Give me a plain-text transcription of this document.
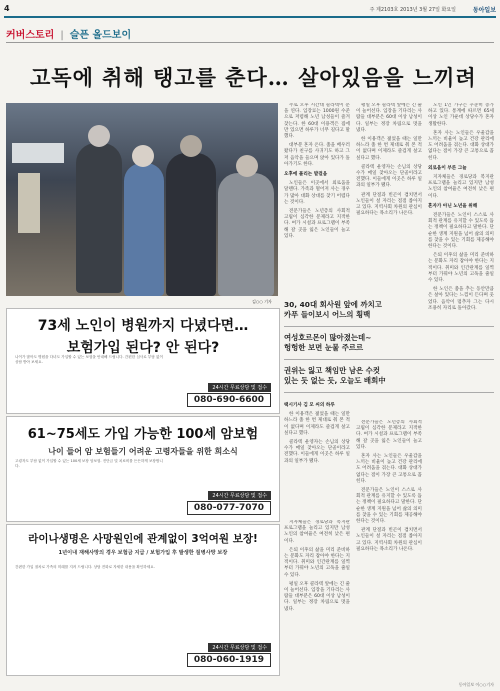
4	주 제2103호 2013년 3월 27일 화요일	동아일보
커버스토리 | 슬픈 올드보이
고독에 취해 탱고를 춘다… 살아있음을 느끼려
김○○ 기자

주로 오후 시간대 콜라텍이 문을 연다. 입장료는 1000원 수준으로 저렴해 노년 남성들이 즐겨 찾는다. 한 60대 이용객은 집에만 있으면 하루가 너무 길다고 말했다.

대부분 혼자 온다. 춤을 배우러 왔다가 친구를 사귀기도 하고 그저 음악을 들으며 앉아 있다가 돌아가기도 한다.

오후에 몰리는 발걸음

노인들은 이곳에서 외로움을 달랜다. 가족과 떨어져 사는 경우가 많아 대화 상대를 찾기 어렵다는 것이다.

전문가들은 노년층의 사회적 고립이 심각한 문제라고 지적한다. 여가 시설과 프로그램이 부족해 갈 곳을 잃은 노인들이 늘고 있다.

평일 오후 콜라텍 앞에는 긴 줄이 늘어선다. 입장을 기다리는 사람들 대부분은 60대 이상 남성이다. 일부는 정장 차림으로 멋을 냈다.

한 이용객은 젊었을 때는 일만 하느라 춤 한 번 제대로 춰 본 적이 없다며 이제라도 즐겁게 살고 싶다고 했다.

콜라텍 운영자는 손님의 상당수가 매일 찾아오는 단골이라고 전했다. 이들에게 이곳은 하루 일과의 일부가 됐다.

관계 단절과 빈곤이 겹치면서 노인들이 설 자리는 점점 좁아지고 있다. 지역사회 차원의 관심이 필요하다는 목소리가 나온다.

노인 1인 가구는 꾸준히 증가하고 있다. 통계에 따르면 65세 이상 노인 가운데 상당수가 혼자 생활한다.

혼자 사는 노인들은 우울감을 느끼는 비율이 높고 건강 관리에도 어려움을 겪는다. 대화 상대가 없다는 점이 가장 큰 고통으로 꼽힌다.

외로움이 부른 그늘

지자체들은 경로당과 복지관 프로그램을 늘리고 있지만 남성 노인의 참여율은 여전히 낮은 편이다.

혼자가 아닌 노년을 위해

전문가들은 노인이 스스로 사회적 관계를 유지할 수 있도록 돕는 정책이 필요하다고 말한다. 단순한 생계 지원을 넘어 삶의 의미를 찾을 수 있는 기회를 제공해야 한다는 것이다.

은퇴 이후의 삶을 미리 준비하는 문화도 자리 잡아야 한다는 지적이다. 취미와 인간관계를 일찍부터 가꿔야 노년의 고독을 줄일 수 있다.

한 노인은 춤을 추는 동안만큼은 살아 있다는 느낌이 든다며 웃었다. 음악이 멈추자 그는 다시 조용히 자리로 돌아갔다.

30, 40대 회사원 앞에 까치고
카푸 들이보시 어느의 횡백
여성호르몬이 많아졌는데~
헝헝한 보면 눈물 주르르
권위는 잃고 책임만 남은 수컷
있는 듯 없는 듯, 오늘도 배회中

택시기사 김 모 씨의 하루

한 이용객은 젊었을 때는 일만 하느라 춤 한 번 제대로 춰 본 적이 없다며 이제라도 즐겁게 살고 싶다고 했다.

콜라텍 운영자는 손님의 상당수가 매일 찾아오는 단골이라고 전했다. 이들에게 이곳은 하루 일과의 일부가 됐다.

전문가들은 노년층의 사회적 고립이 심각한 문제라고 지적한다. 여가 시설과 프로그램이 부족해 갈 곳을 잃은 노인들이 늘고 있다.

혼자 사는 노인들은 우울감을 느끼는 비율이 높고 건강 관리에도 어려움을 겪는다. 대화 상대가 없다는 점이 가장 큰 고통으로 꼽힌다.

전문가들은 노인이 스스로 사회적 관계를 유지할 수 있도록 돕는 정책이 필요하다고 말한다. 단순한 생계 지원을 넘어 삶의 의미를 찾을 수 있는 기회를 제공해야 한다는 것이다.

관계 단절과 빈곤이 겹치면서 노인들이 설 자리는 점점 좁아지고 있다. 지역사회 차원의 관심이 필요하다는 목소리가 나온다.

지자체들은 경로당과 복지관 프로그램을 늘리고 있지만 남성 노인의 참여율은 여전히 낮은 편이다.

은퇴 이후의 삶을 미리 준비하는 문화도 자리 잡아야 한다는 지적이다. 취미와 인간관계를 일찍부터 가꿔야 노년의 고독을 줄일 수 있다.

평일 오후 콜라텍 앞에는 긴 줄이 늘어선다. 입장을 기다리는 사람들 대부분은 60대 이상 남성이다. 일부는 정장 차림으로 멋을 냈다.

73세 노인이 병원까지 다녔다면…
보험가입 된다? 안 된다?
나이가 많아도 병원을 다녀도 가입할 수 있는 보험을 안내해 드립니다. 간편한 심사로 부담 없이 상담 받아 보세요.
24시간 무료상담 및 접수
080-690-6600
61~75세도 가입 가능한 100세 암보험
나이 들어 암 보험들기 어려운 고령자들을 위한 희소식
고령자도 부담 없이 가입할 수 있는 100세 보장 암보험. 진단금 및 치료비를 든든하게 보장합니다.
24시간 무료상담 및 접수
080-077-7070
라이나생명은 사망원인에 관계없이 3억여원 보장!
1년이내 재해사망의 경우 보험금 지급 / 보험가입 후 발생한 질병사망 보장
간편한 가입 절차로 가족의 미래를 지켜 드립니다. 상담 전화로 자세한 내용을 확인하세요.
24시간 무료상담 및 접수
080-060-1919
동아일보 이○○기자
